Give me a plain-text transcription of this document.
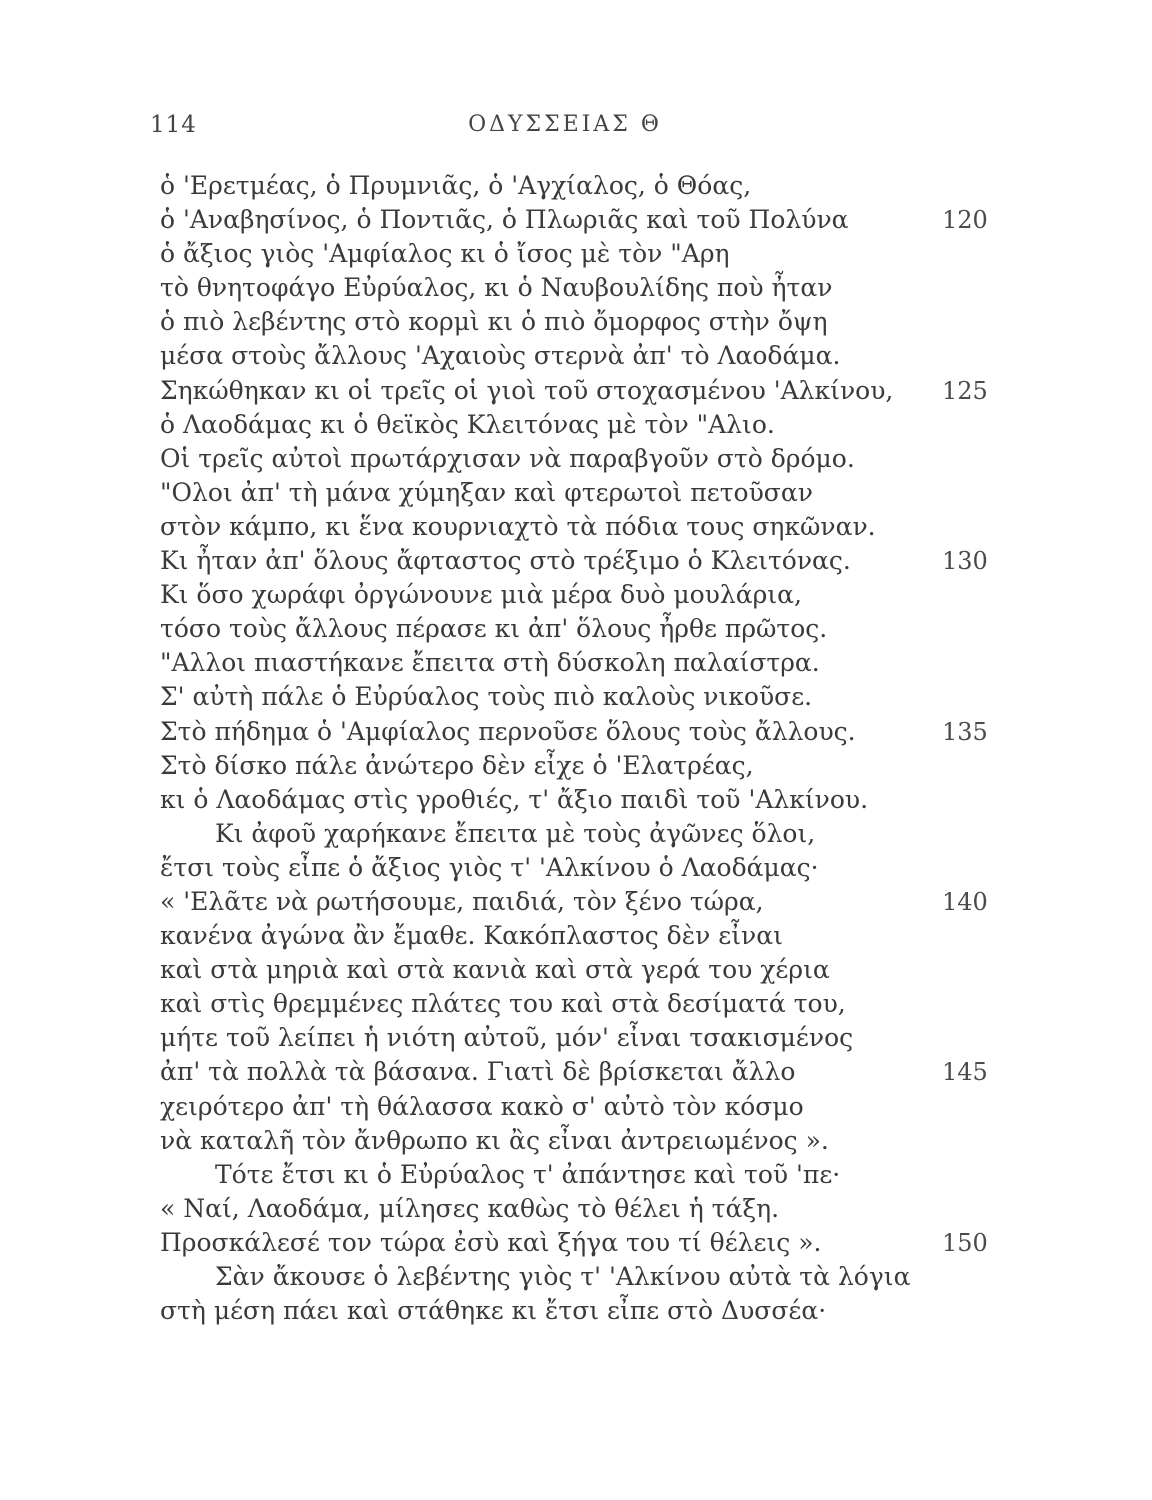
114	ΟΔΥΣΣΕΙΑΣ Θ
ὁ 'Ερετμέας, ὁ Πρυμνιᾶς, ὁ 'Αγχίαλος, ὁ Θόας,
ὁ 'Αναβησίνος, ὁ Ποντιᾶς, ὁ Πλωριᾶς καὶ τοῦ Πολύνα	120
ὁ ἄξιος γιὸς 'Αμφίαλος κι ὁ ἴσος μὲ τὸν "Αρη
τὸ θνητοφάγο Εὐρύαλος, κι ὁ Ναυβουλίδης ποὺ ἦταν
ὁ πιὸ λεβέντης στὸ κορμὶ κι ὁ πιὸ ὄμορφος στὴν ὄψη
μέσα στοὺς ἄλλους 'Αχαιοὺς στερνὰ ἀπ' τὸ Λαοδάμα.
Σηκώθηκαν κι οἱ τρεῖς οἱ γιοὶ τοῦ στοχασμένου 'Αλκίνου, 125
ὁ Λαοδάμας κι ὁ θεϊκὸς Κλειτόνας μὲ τὸν "Αλιο.
Οἱ τρεῖς αὐτοὶ πρωτάρχισαν νὰ παραβγοῦν στὸ δρόμο.
"Ολοι ἀπ' τὴ μάνα χύμηξαν καὶ φτερωτοὶ πετοῦσαν
στὸν κάμπο, κι ἕνα κουρνιαχτὸ τὰ πόδια τους σηκῶναν.
Κι ἦταν ἀπ' ὅλους ἄφταστος στὸ τρέξιμο ὁ Κλειτόνας.	130
Κι ὅσο χωράφι ὀργώνουνε μιὰ μέρα δυὸ μουλάρια,
τόσο τοὺς ἄλλους πέρασε κι ἀπ' ὅλους ἦρθε πρῶτος.
"Αλλοι πιαστήκανε ἔπειτα στὴ δύσκολη παλαίστρα.
Σ' αὐτὴ πάλε ὁ Εὐρύαλος τοὺς πιὸ καλοὺς νικοῦσε.
Στὸ πήδημα ὁ 'Αμφίαλος περνοῦσε ὅλους τοὺς ἄλλους.	135
Στὸ δίσκο πάλε ἀνώτερο δὲν εἶχε ὁ 'Ελατρέας,
κι ὁ Λαοδάμας στὶς γροθιές, τ' ἄξιο παιδὶ τοῦ 'Αλκίνου.
Κι ἀφοῦ χαρήκανε ἔπειτα μὲ τοὺς ἀγῶνες ὅλοι,
ἔτσι τοὺς εἶπε ὁ ἄξιος γιὸς τ' 'Αλκίνου ὁ Λαοδάμας·
« 'Ελᾶτε νὰ ρωτήσουμε, παιδιά, τὸν ξένο τώρα,	140
κανένα ἀγώνα ἂν ἔμαθε. Κακόπλαστος δὲν εἶναι
καὶ στὰ μηριὰ καὶ στὰ κανιὰ καὶ στὰ γερά του χέρια
καὶ στὶς θρεμμένες πλάτες του καὶ στὰ δεσίματά του,
μήτε τοῦ λείπει ἡ νιότη αὐτοῦ, μόν' εἶναι τσακισμένος
ἀπ' τὰ πολλὰ τὰ βάσανα. Γιατὶ δὲ βρίσκεται ἄλλο	145
χειρότερο ἀπ' τὴ θάλασσα κακὸ σ' αὐτὸ τὸν κόσμο
νὰ καταλῆ τὸν ἄνθρωπο κι ἂς εἶναι ἀντρειωμένος ».
Τότε ἔτσι κι ὁ Εὐρύαλος τ' ἀπάντησε καὶ τοῦ 'πε·
« Ναί, Λαοδάμα, μίλησες καθὼς τὸ θέλει ἡ τάξη.
Προσκάλεσέ τον τώρα ἐσὺ καὶ ξήγα του τί θέλεις ».	150
Σὰν ἄκουσε ὁ λεβέντης γιὸς τ' 'Αλκίνου αὐτὰ τὰ λόγια
στὴ μέση πάει καὶ στάθηκε κι ἔτσι εἶπε στὸ Δυσσέα·
